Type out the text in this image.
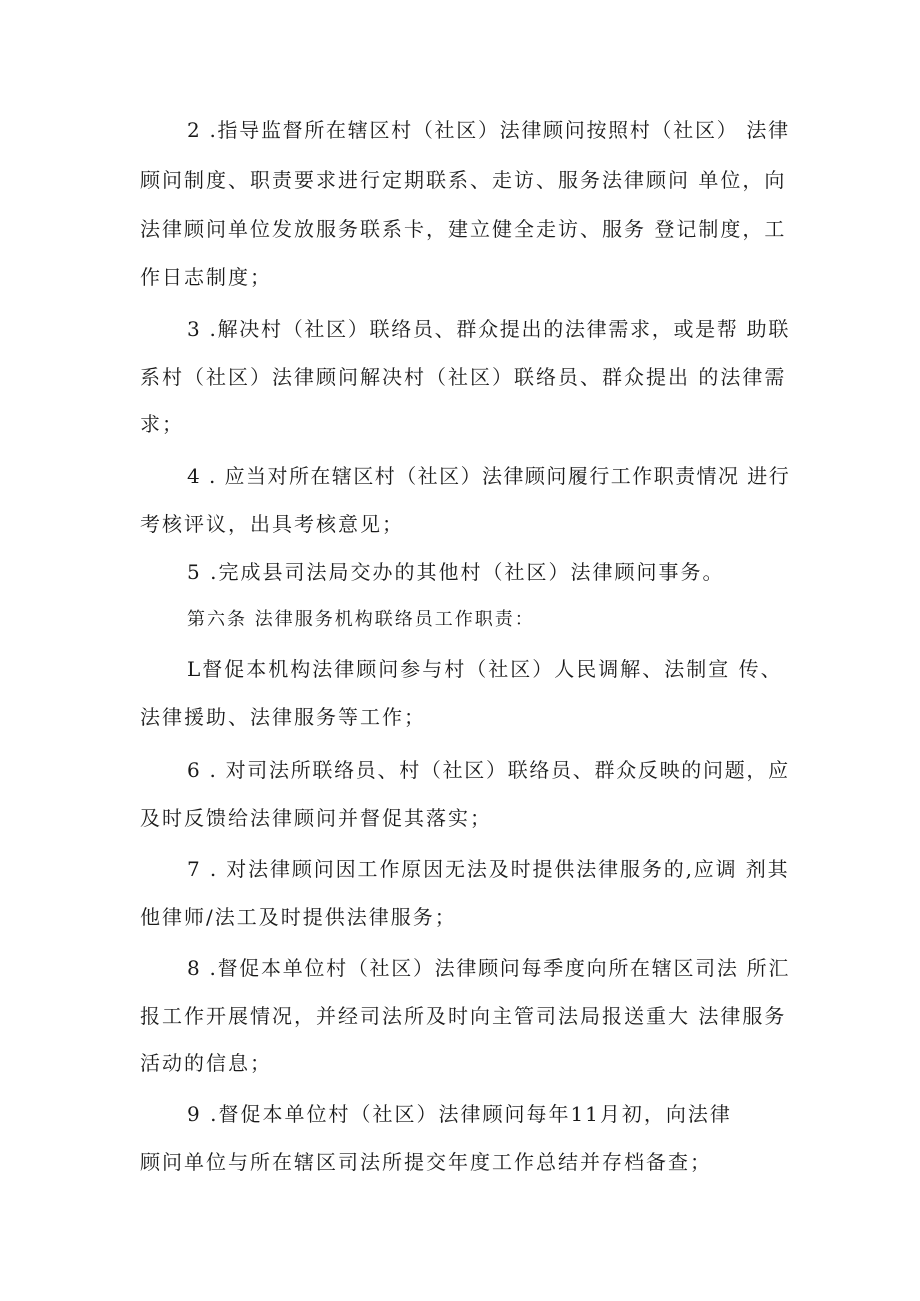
2 .指导监督所在辖区村（社区）法律顾问按照村（社区） 法律
顾问制度、职责要求进行定期联系、走访、服务法律顾问 单位，向
法律顾问单位发放服务联系卡，建立健全走访、服务 登记制度，工
作日志制度；
3 .解决村（社区）联络员、群众提出的法律需求，或是帮 助联
系村（社区）法律顾问解决村（社区）联络员、群众提出 的法律需
求；
4 . 应当对所在辖区村（社区）法律顾问履行工作职责情况 进行
考核评议，出具考核意见；
5 .完成县司法局交办的其他村（社区）法律顾问事务。
第六条 法律服务机构联络员工作职责：
L督促本机构法律顾问参与村（社区）人民调解、法制宣 传、
法律援助、法律服务等工作；
6 . 对司法所联络员、村（社区）联络员、群众反映的问题，应
及时反馈给法律顾问并督促其落实；
7 . 对法律顾问因工作原因无法及时提供法律服务的,应调 剂其
他律师/法工及时提供法律服务；
8 .督促本单位村（社区）法律顾问每季度向所在辖区司法 所汇
报工作开展情况，并经司法所及时向主管司法局报送重大 法律服务
活动的信息；
9 .督促本单位村（社区）法律顾问每年11月初，向法律
顾问单位与所在辖区司法所提交年度工作总结并存档备查；
